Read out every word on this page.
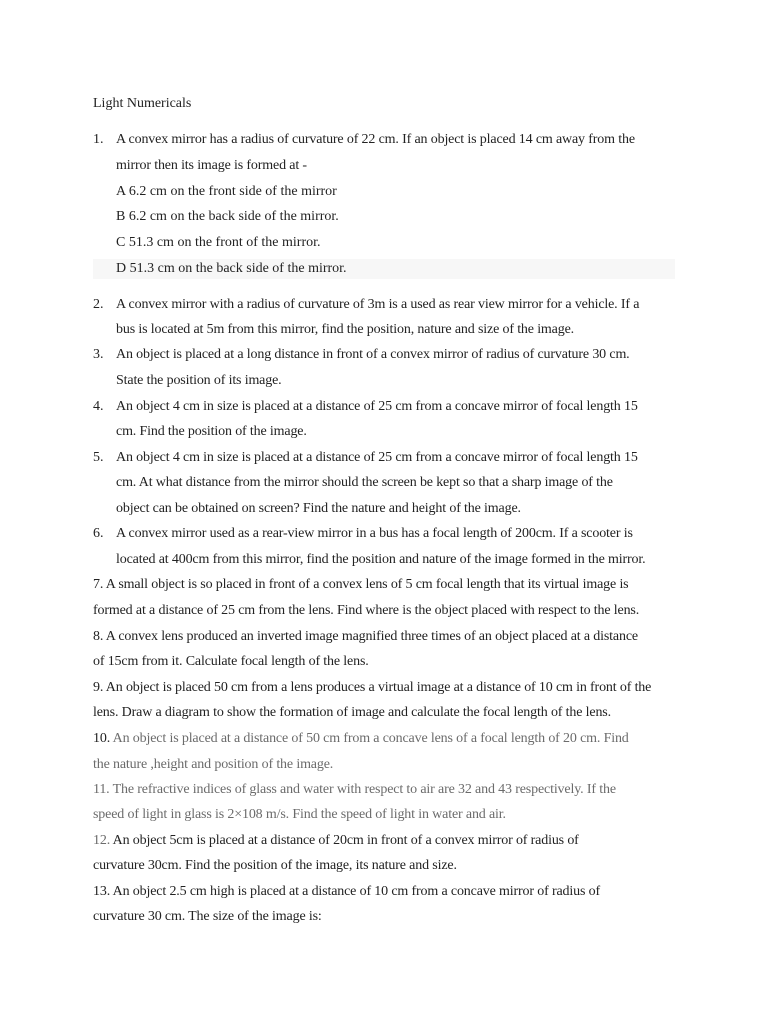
Light Numericals
1. A convex mirror has a radius of curvature of 22 cm. If an object is placed 14 cm away from the
mirror then its image is formed at -
A 6.2 cm on the front side of the mirror
B 6.2 cm on the back side of the mirror.
C 51.3 cm on the front of the mirror.
D 51.3 cm on the back side of the mirror.
2. A convex mirror with a radius of curvature of 3m is a used as rear view mirror for a vehicle. If a
bus is located at 5m from this mirror, find the position, nature and size of the image.
3. An object is placed at a long distance in front of a convex mirror of radius of curvature 30 cm.
State the position of its image.
4. An object 4 cm in size is placed at a distance of 25 cm from a concave mirror of focal length 15
cm. Find the position of the image.
5. An object 4 cm in size is placed at a distance of 25 cm from a concave mirror of focal length 15
cm. At what distance from the mirror should the screen be kept so that a sharp image of the
object can be obtained on screen? Find the nature and height of the image.
6. A convex mirror used as a rear-view mirror in a bus has a focal length of 200cm. If a scooter is
located at 400cm from this mirror, find the position and nature of the image formed in the mirror.
7. A small object is so placed in front of a convex lens of 5 cm focal length that its virtual image is
formed at a distance of 25 cm from the lens. Find where is the object placed with respect to the lens.
8. A convex lens produced an inverted image magnified three times of an object placed at a distance
of 15cm from it. Calculate focal length of the lens.
9. An object is placed 50 cm from a lens produces a virtual image at a distance of 10 cm in front of the
lens. Draw a diagram to show the formation of image and calculate the focal length of the lens.
10. An object is placed at a distance of 50 cm from a concave lens of a focal length of 20 cm. Find
the nature ,height and position of the image.
11. The refractive indices of glass and water with respect to air are 32 and 43 respectively. If the
speed of light in glass is 2×108 m/s. Find the speed of light in water and air.
12. An object 5cm is placed at a distance of 20cm in front of a convex mirror of radius of
curvature 30cm. Find the position of the image, its nature and size.
13. An object 2.5 cm high is placed at a distance of 10 cm from a concave mirror of radius of
curvature 30 cm. The size of the image is:
